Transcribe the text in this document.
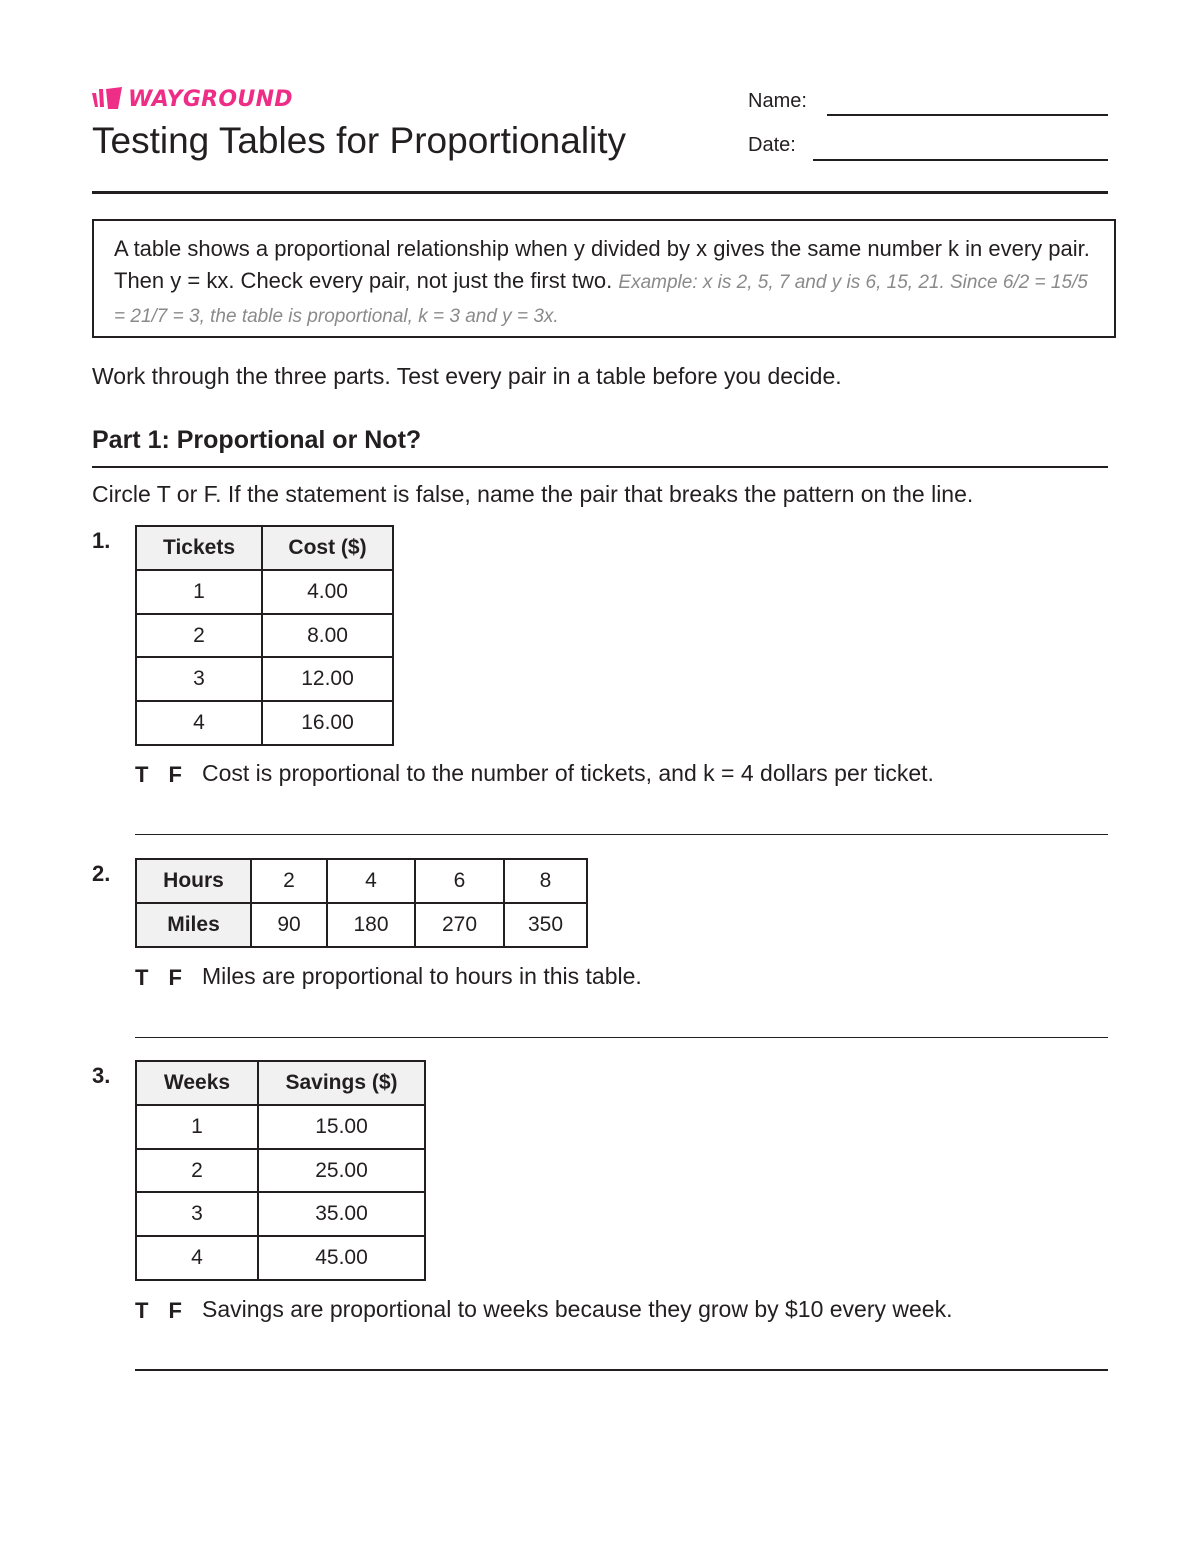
WAYGROUND
Testing Tables for Proportionality
Name:
Date:

A table shows a proportional relationship when y divided by x gives the same number k in every pair. Then y = kx. Check every pair, not just the first two. Example: x is 2, 5, 7 and y is 6, 15, 21. Since 6/2 = 15/5 = 21/7 = 3, the table is proportional, k = 3 and y = 3x.

Work through the three parts. Test every pair in a table before you decide.

Part 1: Proportional or Not?

Circle T or F. If the statement is false, name the pair that breaks the pattern on the line.

1.	Tickets	Cost ($)
1	4.00
2	8.00
3	12.00
4	16.00
T F Cost is proportional to the number of tickets, and k = 4 dollars per ticket.
2.	Hours	2	4	6	8
Miles	90	180	270	350
T F Miles are proportional to hours in this table.
3.	Weeks	Savings ($)
1	15.00
2	25.00
3	35.00
4	45.00
T F Savings are proportional to weeks because they grow by $10 every week.
